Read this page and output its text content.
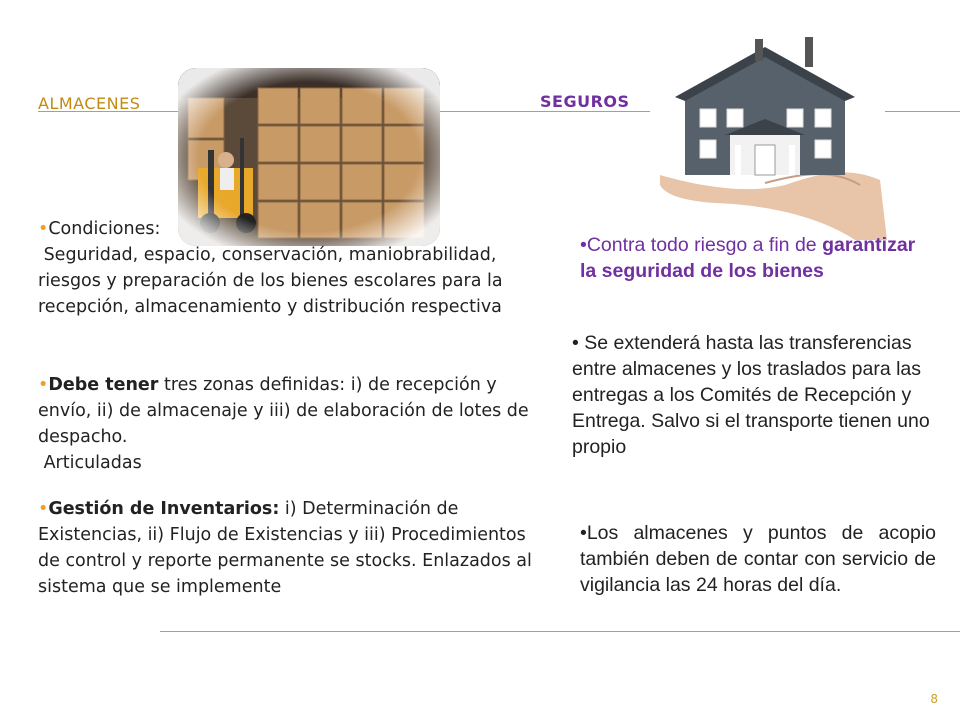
ALMACENES	SEGUROS
•Condiciones:
Seguridad, espacio, conservación, maniobrabilidad, riesgos y preparación de los bienes escolares para la recepción, almacenamiento y distribución respectiva
•Debe tener tres zonas definidas: i) de recepción y envío, ii) de almacenaje y iii) de elaboración de lotes de despacho.
Articuladas
•Gestión de Inventarios: i) Determinación de Existencias, ii) Flujo de Existencias y iii) Procedimientos de control y reporte permanente se stocks. Enlazados al sistema que se implemente
•Contra todo riesgo a fin de garantizar la seguridad de los bienes
• Se extenderá hasta las transferencias entre almacenes y los traslados para las entregas a los Comités de Recepción y Entrega. Salvo si el transporte tienen uno propio
•Los almacenes y puntos de acopio también deben de contar con servicio de vigilancia las 24 horas del día.
8
